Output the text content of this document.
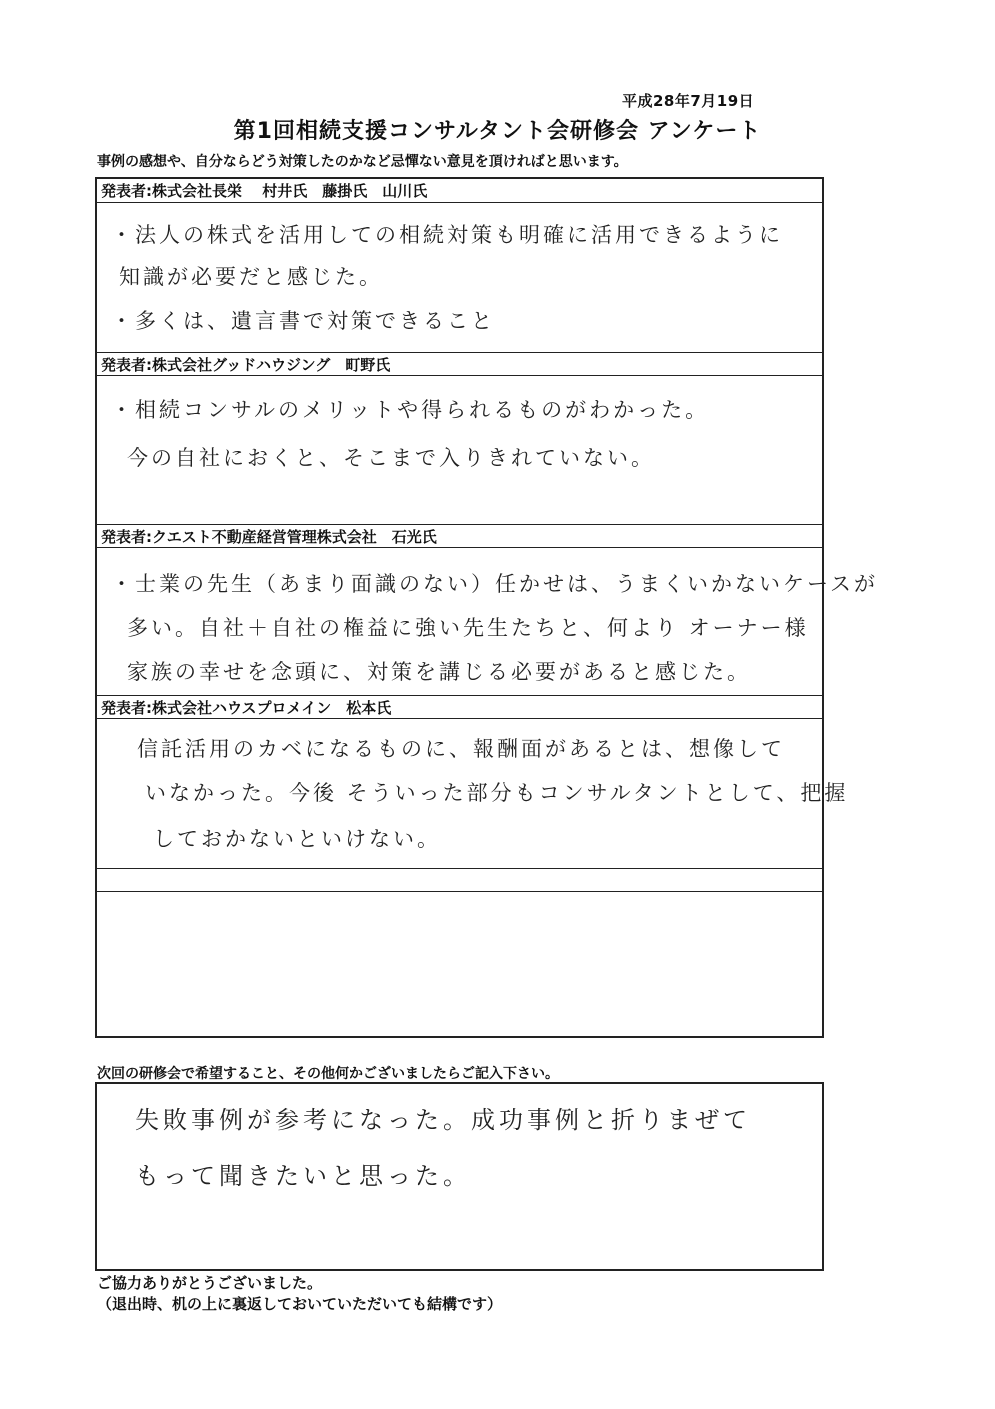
平成28年7月19日
第1回相続支援コンサルタント会研修会 アンケート
事例の感想や、自分ならどう対策したのかなど忌憚ない意見を頂ければと思います。
発表者:株式会社長栄　 村井氏　藤掛氏　山川氏
・法人の株式を活用しての相続対策も明確に活用できるように
知識が必要だと感じた。
・多くは、遺言書で対策できること
発表者:株式会社グッドハウジング　町野氏
・相続コンサルのメリットや得られるものがわかった。
今の自社におくと、そこまで入りきれていない。
発表者:クエスト不動産経営管理株式会社　石光氏
・士業の先生（あまり面識のない）任かせは、うまくいかないケースが
多い。自社＋自社の権益に強い先生たちと、何より オーナー様
家族の幸せを念頭に、対策を講じる必要があると感じた。
発表者:株式会社ハウスプロメイン　松本氏
信託活用のカベになるものに、報酬面があるとは、想像して
いなかった。今後 そういった部分もコンサルタントとして、把握
しておかないといけない。
次回の研修会で希望すること、その他何かございましたらご記入下さい。
失敗事例が参考になった。成功事例と折りまぜて
もって聞きたいと思った。
ご協力ありがとうございました。
（退出時、机の上に裏返しておいていただいても結構です）
